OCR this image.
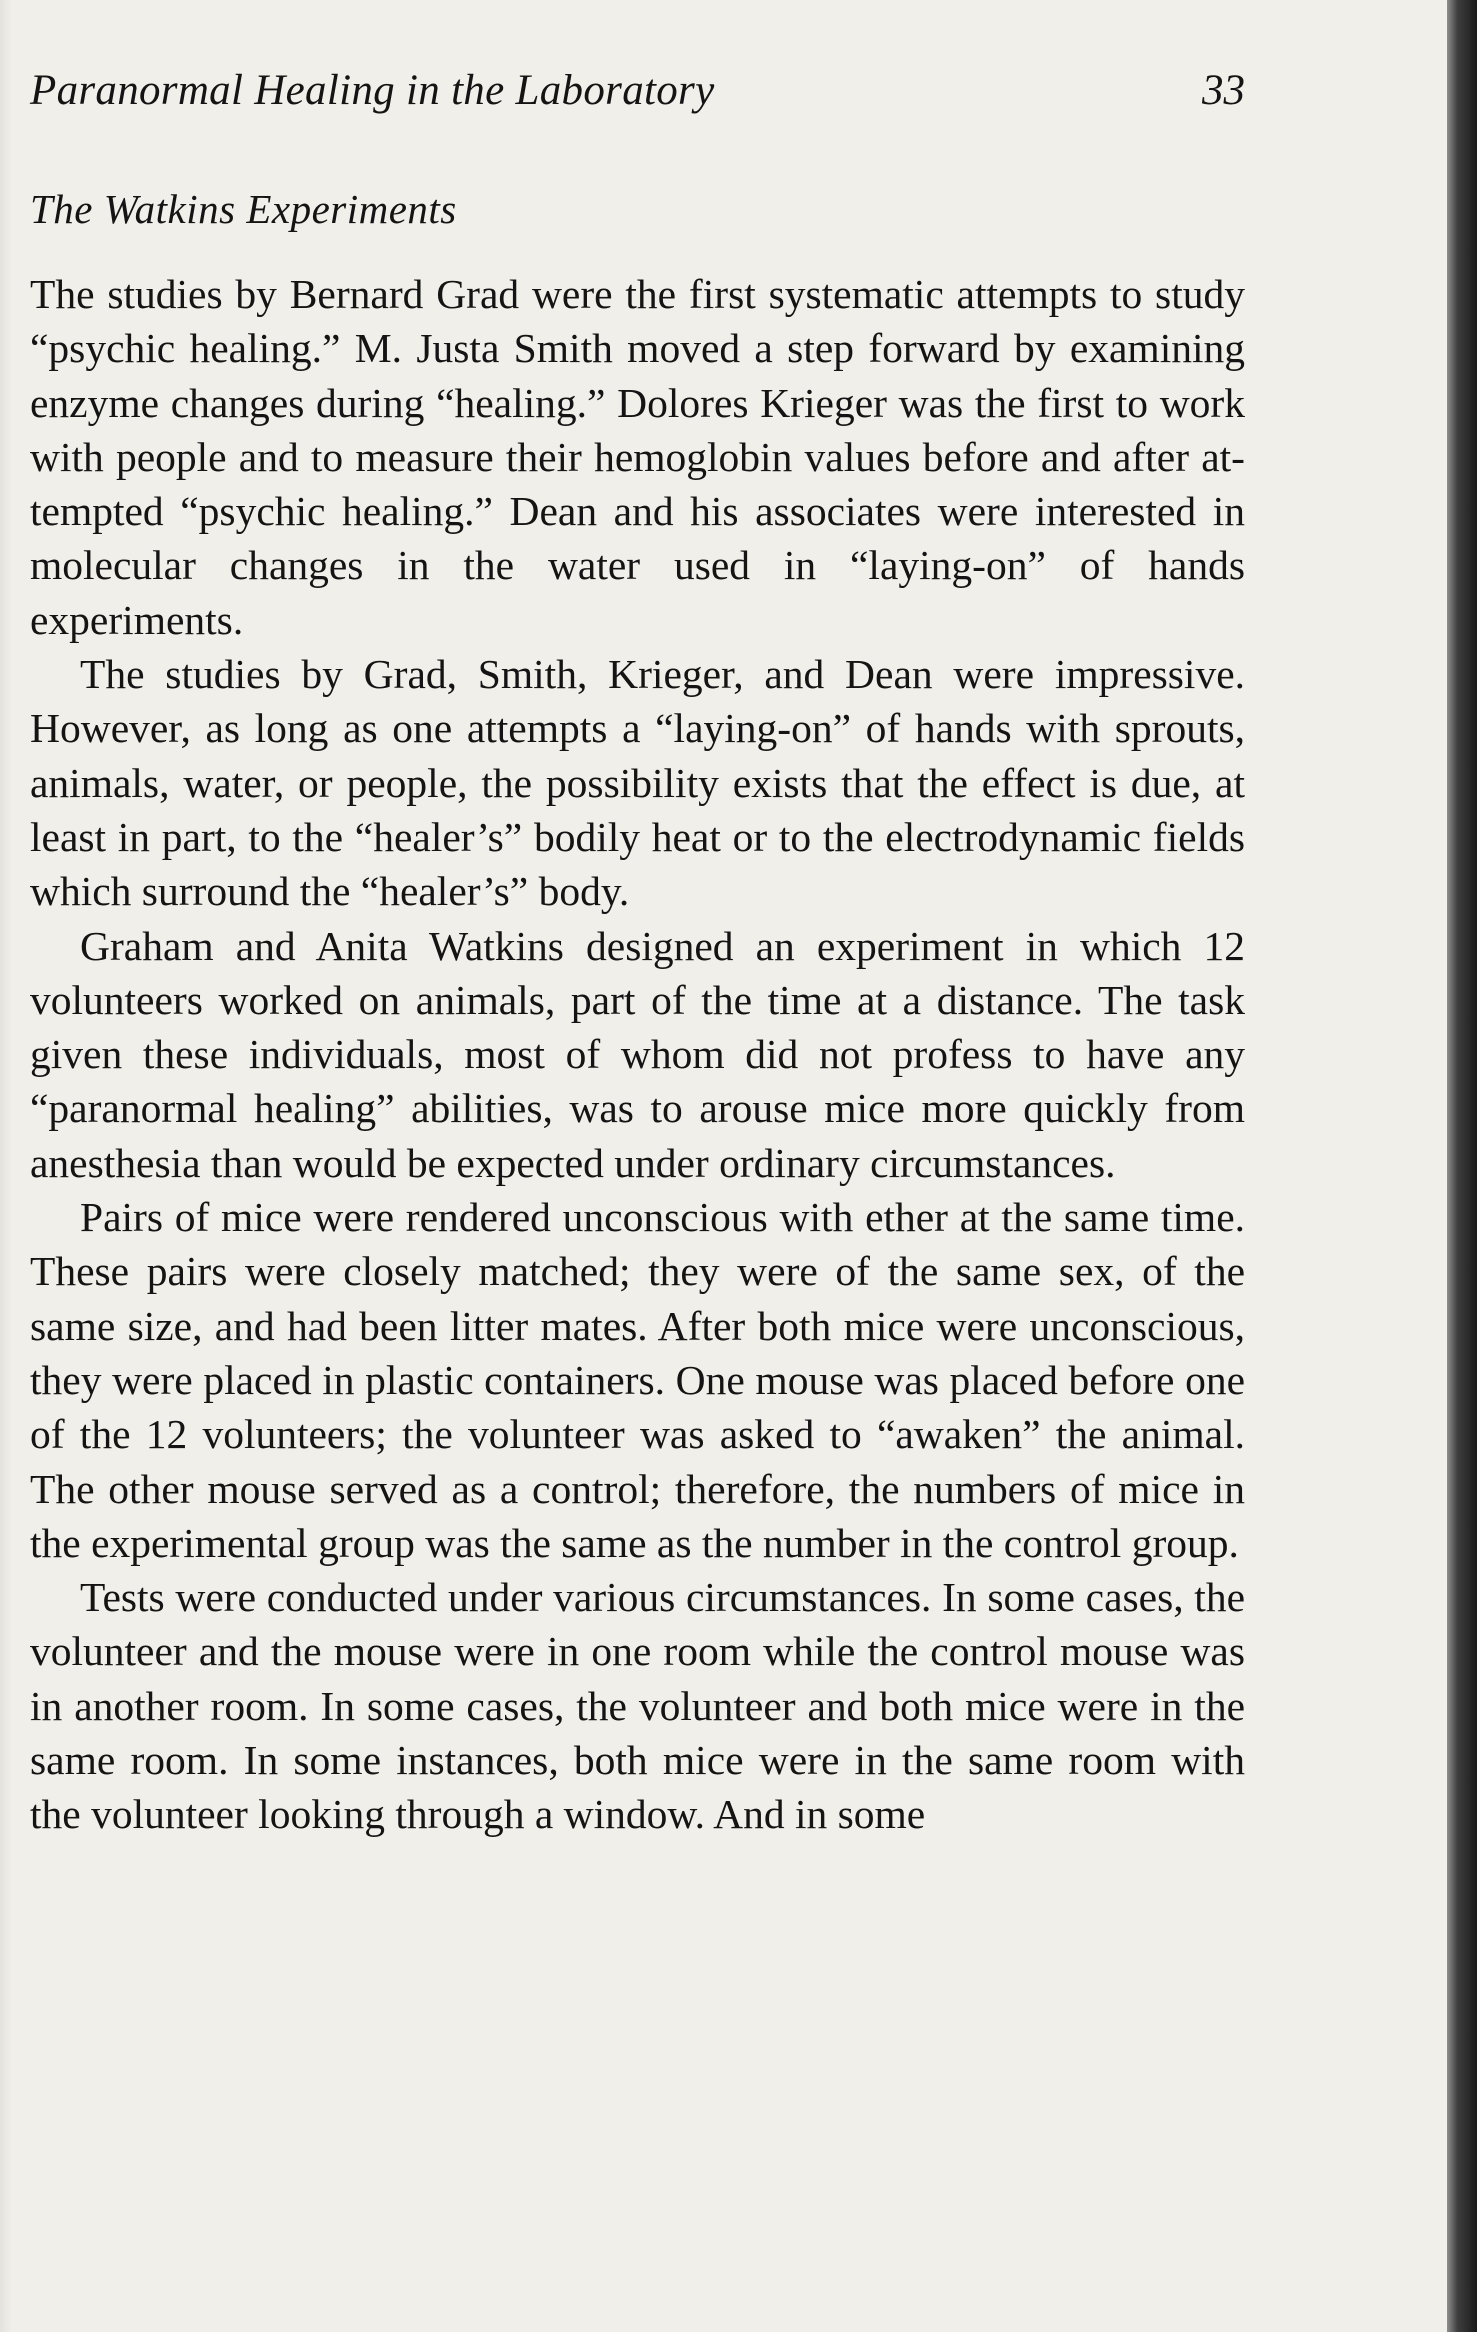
Paranormal Healing in the Laboratory	33
The Watkins Experiments

The studies by Bernard Grad were the first systematic attempts to study “psychic healing.” M. Justa Smith moved a step forward by examining enzyme changes during “healing.” Dolores Krieger was the first to work with people and to measure their hemoglobin values before and after attempted “psychic healing.” Dean and his associates were interested in molecular changes in the water used in “laying-on” of hands experiments.

The studies by Grad, Smith, Krieger, and Dean were impressive. However, as long as one attempts a “laying-on” of hands with sprouts, animals, water, or people, the possibility exists that the effect is due, at least in part, to the “healer’s” bodily heat or to the electrodynamic fields which surround the “healer’s” body.

Graham and Anita Watkins designed an experiment in which 12 volunteers worked on animals, part of the time at a distance. The task given these individuals, most of whom did not profess to have any “paranormal healing” abilities, was to arouse mice more quickly from anesthesia than would be expected under ordinary circumstances.

Pairs of mice were rendered unconscious with ether at the same time. These pairs were closely matched; they were of the same sex, of the same size, and had been litter mates. After both mice were unconscious, they were placed in plastic containers. One mouse was placed before one of the 12 volunteers; the volunteer was asked to “awaken” the animal. The other mouse served as a control; therefore, the numbers of mice in the experimental group was the same as the number in the control group.

Tests were conducted under various circumstances. In some cases, the volunteer and the mouse were in one room while the control mouse was in another room. In some cases, the volunteer and both mice were in the same room. In some instances, both mice were in the same room with the volunteer looking through a window. And in some
